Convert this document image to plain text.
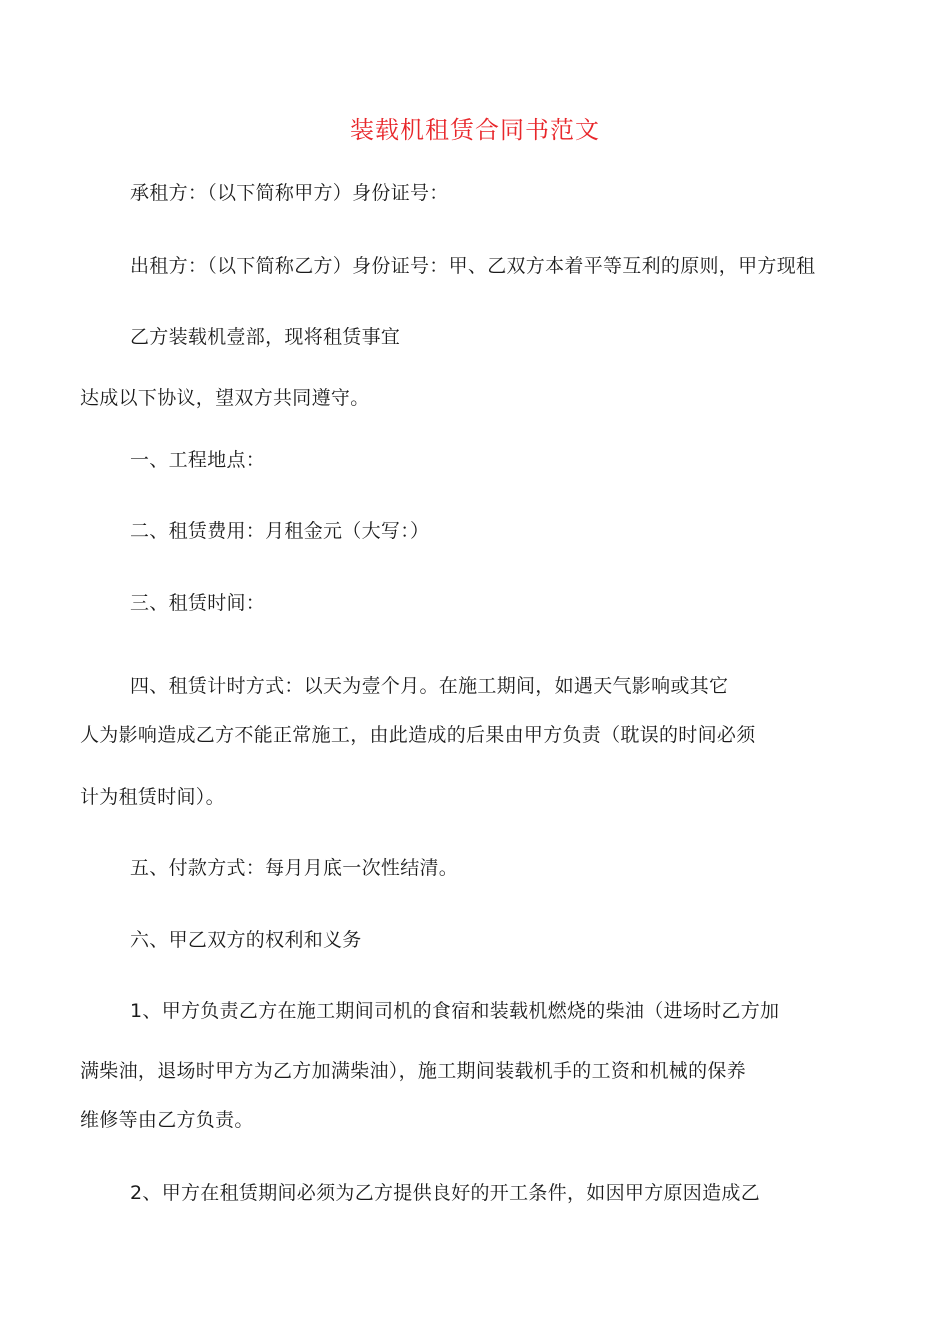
装载机租赁合同书范文
承租方：（以下简称甲方）身份证号：
出租方：（以下简称乙方）身份证号：甲、乙双方本着平等互利的原则，甲方现租
乙方装载机壹部，现将租赁事宜
达成以下协议，望双方共同遵守。
一、工程地点：
二、租赁费用：月租金元（大写：）
三、租赁时间：
四、租赁计时方式：以天为壹个月。在施工期间，如遇天气影响或其它
人为影响造成乙方不能正常施工，由此造成的后果由甲方负责（耽误的时间必须
计为租赁时间）。
五、付款方式：每月月底一次性结清。
六、甲乙双方的权利和义务
1、甲方负责乙方在施工期间司机的食宿和装载机燃烧的柴油（进场时乙方加
满柴油，退场时甲方为乙方加满柴油），施工期间装载机手的工资和机械的保养
维修等由乙方负责。
2、甲方在租赁期间必须为乙方提供良好的开工条件，如因甲方原因造成乙
